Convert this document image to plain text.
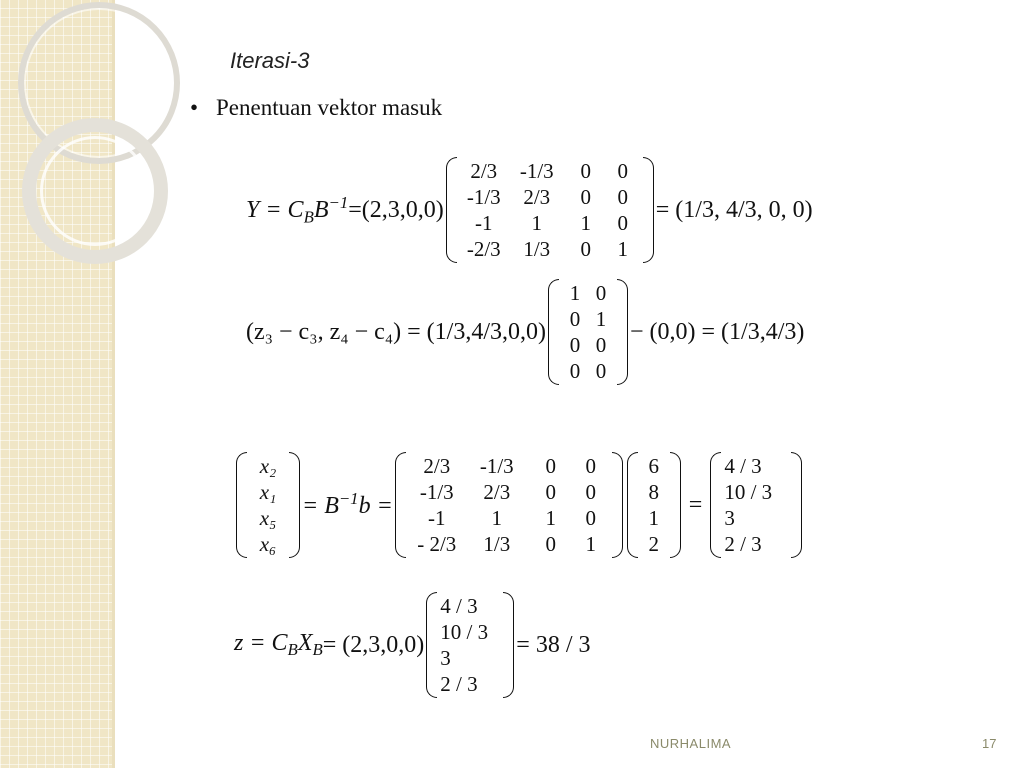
Iterasi-3
• Penentuan vektor masuk
$Y = C_BB^{-1} = (2,3,0,0)$
2/3	-1/3	0	0
-1/3	2/3	0	0
-1	1	1	0
-2/3	1/3	0	1
= (1/3, 4/3, 0, 0)
(z₃ − c₃, z₄ − c₄) = (1/3,4/3,0,0)
1 0
0 1
0 0
0 0
− (0,0) = (1/3,4/3)
x₂
x₁
x₅
x₆
= $B^{-1}b$ =
2/3	-1/3	0	0
-1/3	2/3	0	0
-1	1	1	0
- 2/3	1/3	0	1
6
8
1
2
=
4 / 3
10 / 3
3
2 / 3
$z = C_BX_B = (2,3,0,0)$
4 / 3
10 / 3
3
2 / 3
= 38 / 3
NURHALIMA	17
